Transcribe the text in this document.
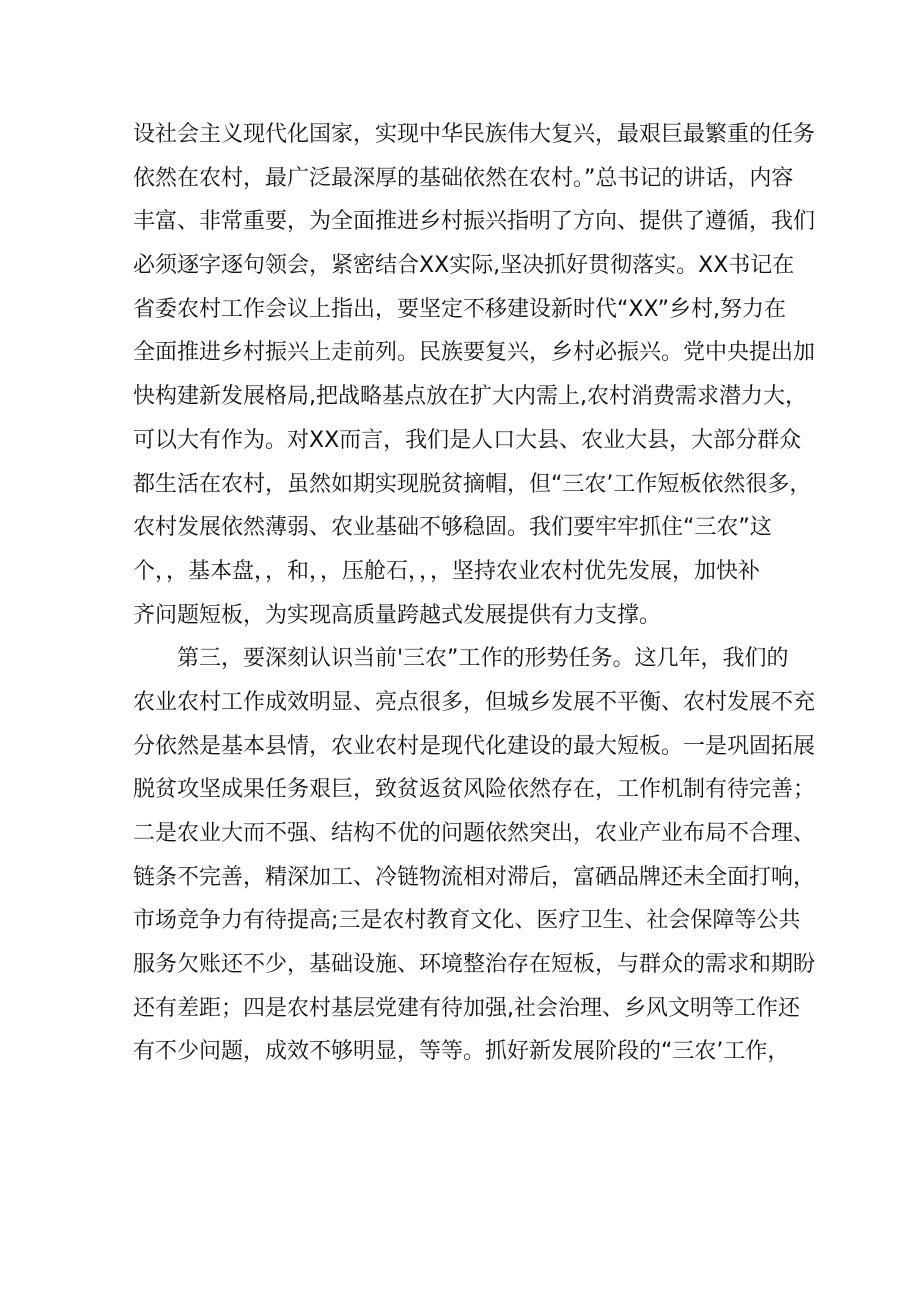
设社会主义现代化国家，实现中华民族伟大复兴，最艰巨最繁重的任务
依然在农村，最广泛最深厚的基础依然在农村。”总书记的讲话，内容
丰富、非常重要，为全面推进乡村振兴指明了方向、提供了遵循，我们
必须逐字逐句领会，紧密结合XX实际,坚决抓好贯彻落实。XX书记在
省委农村工作会议上指出，要坚定不移建设新时代“XX”乡村,努力在
全面推进乡村振兴上走前列。民族要复兴，乡村必振兴。党中央提出加
快构建新发展格局,把战略基点放在扩大内需上,农村消费需求潜力大，
可以大有作为。对XX而言，我们是人口大县、农业大县，大部分群众
都生活在农村，虽然如期实现脱贫摘帽，但“三农’工作短板依然很多，
农村发展依然薄弱、农业基础不够稳固。我们要牢牢抓住“三农”这
个，，基本盘，，和，，压舱石，，，坚持农业农村优先发展，加快补
齐问题短板，为实现高质量跨越式发展提供有力支撑。
第三，要深刻认识当前'三农”工作的形势任务。这几年，我们的
农业农村工作成效明显、亮点很多，但城乡发展不平衡、农村发展不充
分依然是基本县情，农业农村是现代化建设的最大短板。一是巩固拓展
脱贫攻坚成果任务艰巨，致贫返贫风险依然存在，工作机制有待完善；
二是农业大而不强、结构不优的问题依然突出，农业产业布局不合理、
链条不完善，精深加工、冷链物流相对滞后，富硒品牌还未全面打响，
市场竞争力有待提高;三是农村教育文化、医疗卫生、社会保障等公共
服务欠账还不少，基础设施、环境整治存在短板，与群众的需求和期盼
还有差距；四是农村基层党建有待加强,社会治理、乡风文明等工作还
有不少问题，成效不够明显，等等。抓好新发展阶段的“三农’工作，
